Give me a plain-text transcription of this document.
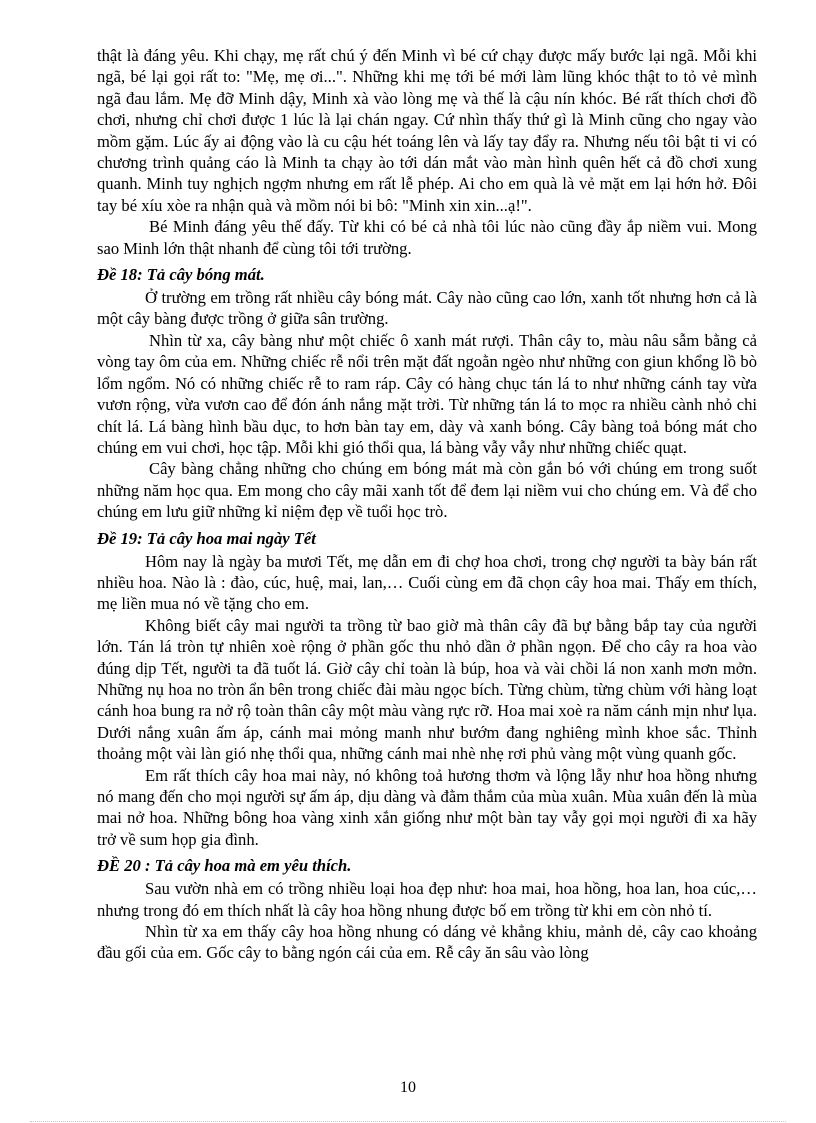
thật là đáng yêu. Khi chạy, mẹ rất chú ý đến Minh vì bé cứ chạy được mấy bước lại ngã. Mỗi khi ngã, bé lại gọi rất to: "Mẹ, mẹ ơi...". Những khi mẹ tới bé mới làm lũng khóc thật to tỏ vẻ mình ngã đau lắm. Mẹ đỡ Minh dậy, Minh xà vào lòng mẹ và thế là cậu nín khóc. Bé rất thích chơi đồ chơi, nhưng chỉ chơi được 1 lúc là lại chán ngay. Cứ nhìn thấy thứ gì là Minh cũng cho ngay vào mồm gặm. Lúc ấy ai động vào là cu cậu hét toáng lên và lấy tay đẩy ra. Nhưng nếu tôi bật ti vi có chương trình quảng cáo là Minh ta chạy ào tới dán mắt vào màn hình quên hết cả đồ chơi xung quanh. Minh tuy nghịch ngợm nhưng em rất lễ phép. Ai cho em quà là vẻ mặt em lại hớn hở. Đôi tay bé xíu xòe ra nhận quà và mồm nói bi bô: "Minh xin xin...ạ!".

Bé Minh đáng yêu thế đấy. Từ khi có bé cả nhà tôi lúc nào cũng đầy ắp niềm vui. Mong sao Minh lớn thật nhanh để cùng tôi tới trường.

Đề 18: Tả cây bóng mát.

Ở trường em trồng rất nhiều cây bóng mát. Cây nào cũng cao lớn, xanh tốt nhưng hơn cả là một cây bàng được trồng ở giữa sân trường.

Nhìn từ xa, cây bàng như một chiếc ô xanh mát rượi. Thân cây to, màu nâu sẫm bằng cả vòng tay ôm của em. Những chiếc rễ nổi trên mặt đất ngoằn ngèo như những con giun khổng lồ bò lổm ngổm. Nó có những chiếc rễ to ram ráp. Cây có hàng chục tán lá to như những cánh tay vừa vươn rộng, vừa vươn cao để đón ánh nắng mặt trời. Từ những tán lá to mọc ra nhiều cành nhỏ chi chít lá. Lá bàng hình bầu dục, to hơn bàn tay em, dày và xanh bóng. Cây bàng toả bóng mát cho chúng em vui chơi, học tập. Mỗi khi gió thổi qua, lá bàng vẫy vẫy như những chiếc quạt.

Cây bàng chẳng những cho chúng em bóng mát mà còn gắn bó với chúng em trong suốt những năm học qua. Em mong cho cây mãi xanh tốt để đem lại niềm vui cho chúng em. Và để cho chúng em lưu giữ những kỉ niệm đẹp về tuổi học trò.

Đề 19: Tả cây hoa mai ngày Tết

Hôm nay là ngày ba mươi Tết, mẹ dẫn em đi chợ hoa chơi, trong chợ người ta bày bán rất nhiều hoa. Nào là : đào, cúc, huệ, mai, lan,… Cuối cùng em đã chọn cây hoa mai. Thấy em thích, mẹ liền mua nó về tặng cho em.

Không biết cây mai người ta trồng từ bao giờ mà thân cây đã bự bằng bắp tay của người lớn. Tán lá tròn tự nhiên xoè rộng ở phần gốc thu nhỏ dần ở phần ngọn. Để cho cây ra hoa vào đúng dịp Tết, người ta đã tuốt lá. Giờ cây chỉ toàn là búp, hoa và vài chồi lá non xanh mơn mởn. Những nụ hoa no tròn ẩn bên trong chiếc đài màu ngọc bích. Từng chùm, từng chùm với hàng loạt cánh hoa bung ra nở rộ toàn thân cây một màu vàng rực rỡ. Hoa mai xoè ra năm cánh mịn như lụa. Dưới nắng xuân ấm áp, cánh mai mỏng manh như bướm đang nghiêng mình khoe sắc. Thỉnh thoảng một vài làn gió nhẹ thổi qua, những cánh mai nhè nhẹ rơi phủ vàng một vùng quanh gốc.

Em rất thích cây hoa mai này, nó không toả hương thơm và lộng lẫy như hoa hồng nhưng nó mang đến cho mọi người sự ấm áp, dịu dàng và đằm thắm của mùa xuân. Mùa xuân đến là mùa mai nở hoa. Những bông hoa vàng xinh xắn giống như một bàn tay vẫy gọi mọi người đi xa hãy trở về sum họp gia đình.

ĐỀ 20 : Tả cây hoa mà em yêu thích.

Sau vườn nhà em có trồng nhiều loại hoa đẹp như: hoa mai, hoa hồng, hoa lan, hoa cúc,… nhưng trong đó em thích nhất là cây hoa hồng nhung được bố em trồng từ khi em còn nhỏ tí.

Nhìn từ xa em thấy cây hoa hồng nhung có dáng vẻ khẳng khiu, mảnh dẻ, cây cao khoảng đầu gối của em. Gốc cây to bằng ngón cái của em. Rễ cây ăn sâu vào lòng

10
